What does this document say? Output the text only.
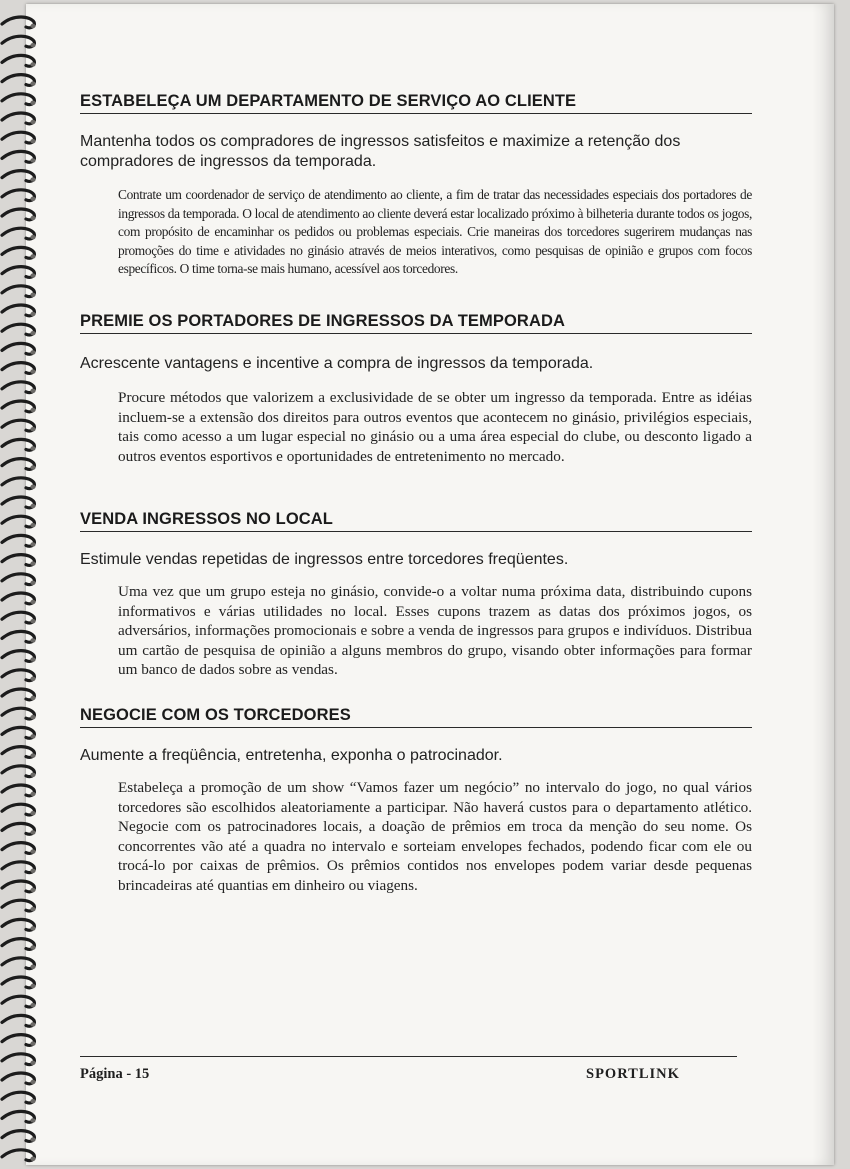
ESTABELEÇA UM DEPARTAMENTO DE SERVIÇO AO CLIENTE

Mantenha todos os compradores de ingressos satisfeitos e maximize a retenção dos compradores de ingressos da temporada.

Contrate um coordenador de serviço de atendimento ao cliente, a fim de tratar das necessidades especiais dos portadores de ingressos da temporada. O local de atendimento ao cliente deverá estar localizado próximo à bilheteria durante todos os jogos, com propósito de encaminhar os pedidos ou problemas especiais. Crie maneiras dos torcedores sugerirem mudanças nas promoções do time e atividades no ginásio através de meios interativos, como pesquisas de opinião e grupos com focos específicos. O time torna-se mais humano, acessível aos torcedores.

PREMIE OS PORTADORES DE INGRESSOS DA TEMPORADA

Acrescente vantagens e incentive a compra de ingressos da temporada.

Procure métodos que valorizem a exclusividade de se obter um ingresso da temporada. Entre as idéias incluem-se a extensão dos direitos para outros eventos que acontecem no ginásio, privilégios especiais, tais como acesso a um lugar especial no ginásio ou a uma área especial do clube, ou desconto ligado a outros eventos esportivos e oportunidades de entretenimento no mercado.

VENDA INGRESSOS NO LOCAL

Estimule vendas repetidas de ingressos entre torcedores freqüentes.

Uma vez que um grupo esteja no ginásio, convide-o a voltar numa próxima data, distribuindo cupons informativos e várias utilidades no local. Esses cupons trazem as datas dos próximos jogos, os adversários, informações promocionais e sobre a venda de ingressos para grupos e indivíduos. Distribua um cartão de pesquisa de opinião a alguns membros do grupo, visando obter informações para formar um banco de dados sobre as vendas.

NEGOCIE COM OS TORCEDORES

Aumente a freqüência, entretenha, exponha o patrocinador.

Estabeleça a promoção de um show “Vamos fazer um negócio” no intervalo do jogo, no qual vários torcedores são escolhidos aleatoriamente a participar. Não haverá custos para o departamento atlético. Negocie com os patrocinadores locais, a doação de prêmios em troca da menção do seu nome. Os concorrentes vão até a quadra no intervalo e sorteiam envelopes fechados, podendo ficar com ele ou trocá-lo por caixas de prêmios. Os prêmios contidos nos envelopes podem variar desde pequenas brincadeiras até quantias em dinheiro ou viagens.

Página - 15	SPORTLINK
